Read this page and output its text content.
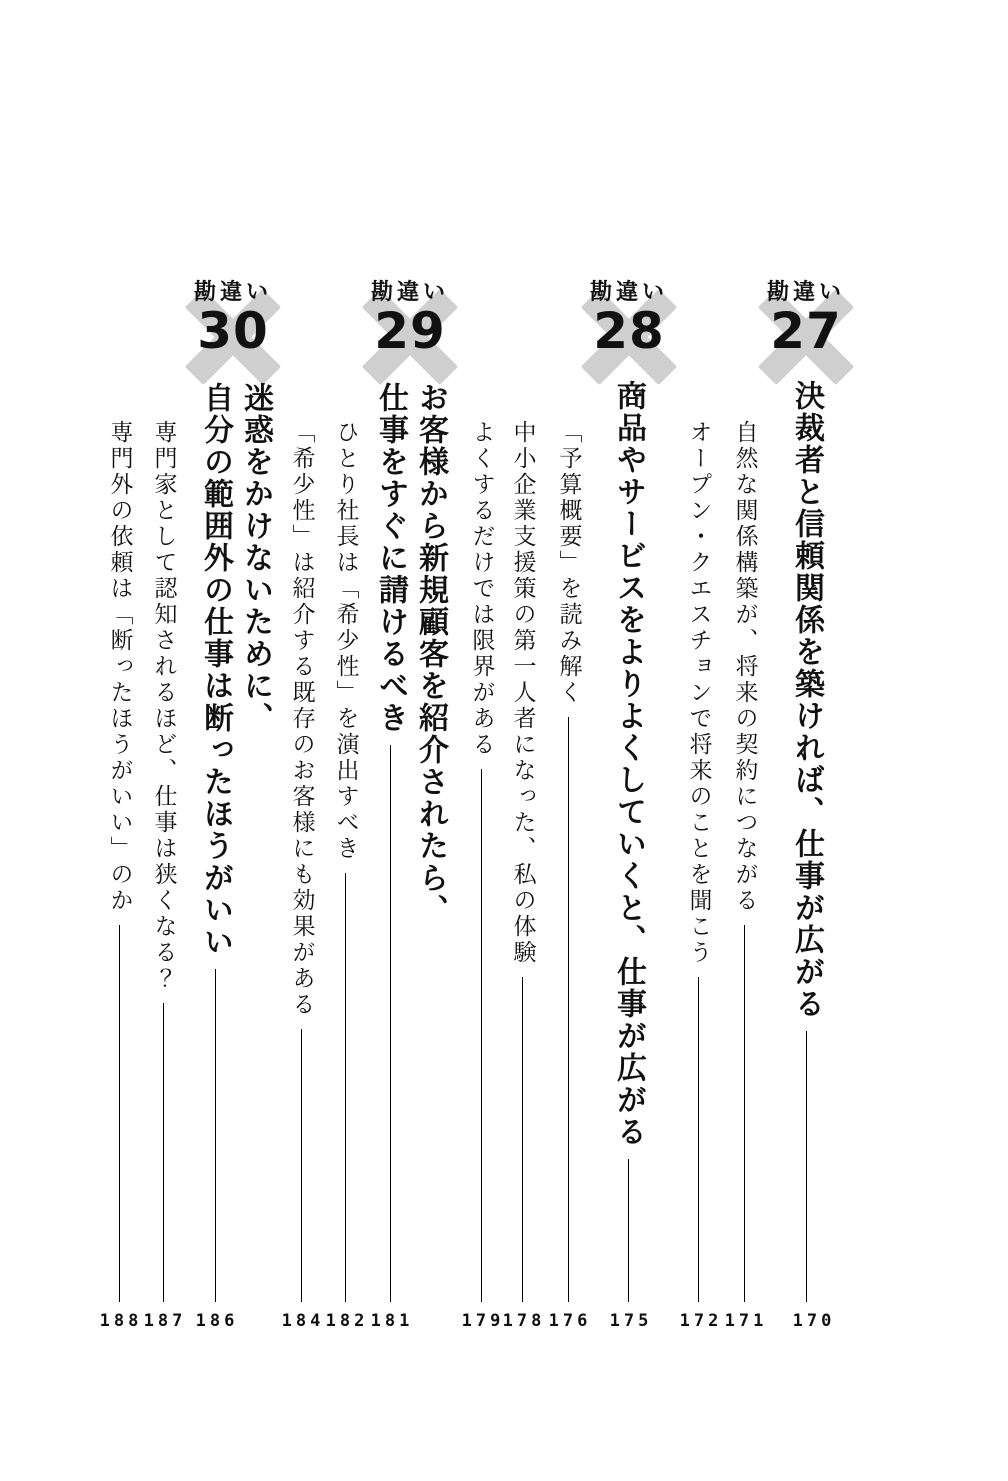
勘違い
27
決裁者と信頼関係を築ければ、仕事が広がる
自然な関係構築が、将来の契約につながる
オープン・クエスチョンで将来のことを聞こう
170
171
172
勘違い
28
商品やサービスをよりよくしていくと、仕事が広がる
「予算概要」を読み解く
中小企業支援策の第一人者になった、私の体験
よくするだけでは限界がある
175
176
178
179
勘違い
29
お客様から新規顧客を紹介されたら、
仕事をすぐに請けるべき
ひとり社長は「希少性」を演出すべき
「希少性」は紹介する既存のお客様にも効果がある
181
182
184
勘違い
30
迷惑をかけないために、
自分の範囲外の仕事は断ったほうがいい
専門家として認知されるほど、仕事は狭くなる？
専門外の依頼は「断ったほうがいい」のか
186
187
188
